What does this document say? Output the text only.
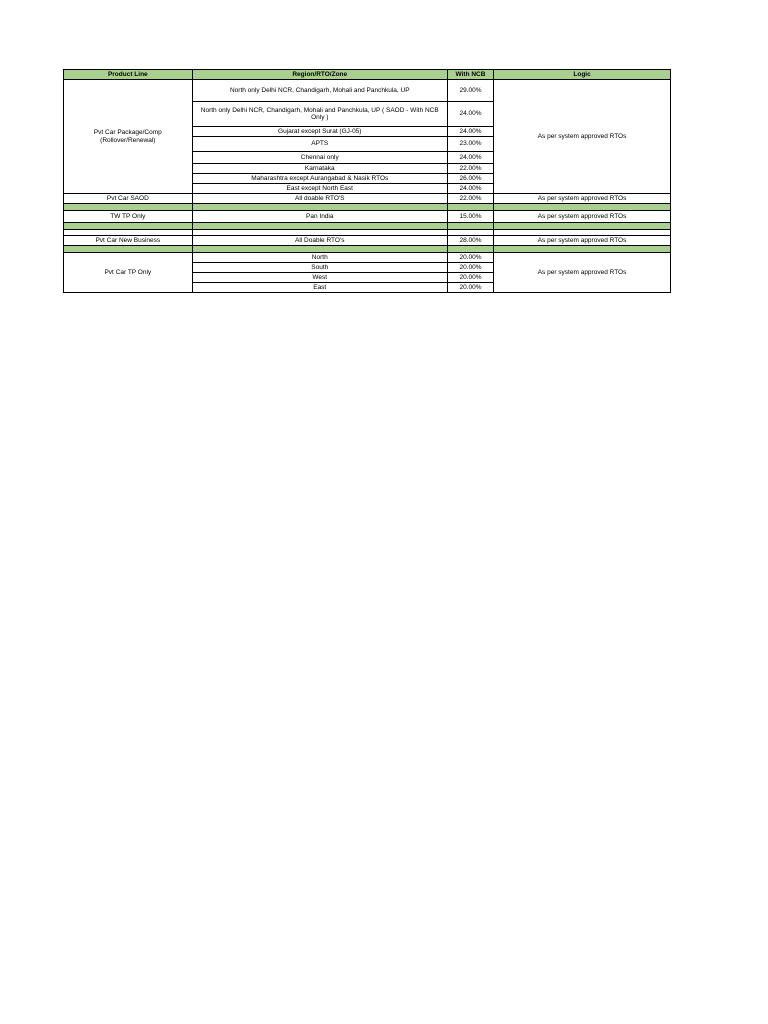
Product Line	Region/RTO/Zone	With NCB	Logic
Pvt Car Package/Comp (Rollover/Renewal)	North only Delhi NCR, Chandigarh, Mohali and Panchkula, UP	29.00%	As per system approved RTOs
	North only Delhi NCR, Chandigarh, Mohali and Panchkula, UP ( SAOD - With NCB Only )	24.00%	
	Gujarat except Surat (GJ-05)	24.00%	
	APTS	23.00%	
	Chennai only	24.00%	
	Karnataka	22.00%	
	Maharashtra except Aurangabad & Nasik RTOs	26.00%	
	East except North East	24.00%	
Pvt Car SAOD	All doable RTO'S	22.00%	As per system approved RTOs

TW TP Only	Pan India	15.00%	As per system approved RTOs

Pvt Car New Business	All Doable RTO's	28.00%	As per system approved RTOs

Pvt Car TP Only	North	20.00%	As per system approved RTOs
	South	20.00%	
	West	20.00%	
	East	20.00%	
